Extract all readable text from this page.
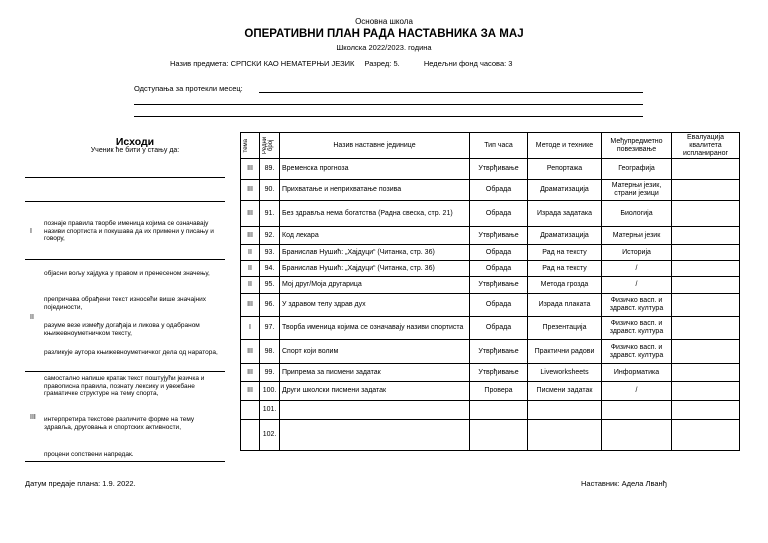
Основна школа
ОПЕРАТИВНИ ПЛАН РАДА НАСТАВНИКА ЗА МАЈ
Школска 2022/2023. година
Назив предмета: СРПСКИ КАО НЕМАТЕРЊИ ЈЕЗИК Разред: 5.	Недељни фонд часова: 3
Одступања за протекли месец:
Исходи
Ученик ће бити у стању да:
I
познаје правила творбе именица којима се означавају називи спортиста и покушава да их примени у писању и говору,
II
објасни вољу хајдука у правом и пренесеном значењу,
препричава обрађени текст износећи више значајних појединости,
разуме везе између догађаја и ликова у одабраном књижевноуметничком тексту,
разликује аутора књижевноуметничког дела од наратора,
III
самостално напише кратак текст поштујући језичка и правописна правила, познату лексику и увежбане граматичке структуре на тему спорта,
интерпретира текстове различите форме на тему здравља, друговања и спортских активности,
процени сопствени напредак.
тема	Редни број	Назив наставне јединице	Тип часа	Методе и технике	Међупредметно повезивање	Евалуација квалитета испланираног
III	89.	Временска прогноза	Утврђивање	Репортажа	Географија	
III	90.	Прихватање и неприхватање позива	Обрада	Драматизација	Матерњи језик, страни језици	
III	91.	Без здравља нема богатства (Радна свеска, стр. 21)	Обрада	Израда задатака	Биологија	
III	92.	Код лекара	Утврђивање	Драматизација	Матерњи језик	
II	93.	Бранислав Нушић: „Хајдуци“ (Читанка, стр. 36)	Обрада	Рад на тексту	Историја	
II	94.	Бранислав Нушић: „Хајдуци“ (Читанка, стр. 36)	Обрада	Рад на тексту	/	
II	95.	Мој друг/Моја другарица	Утврђивање	Метода грозда	/	
III	96.	У здравом телу здрав дух	Обрада	Израда плаката	Физичко васп. и здравст. култура	
I	97.	Творба именица којима се означавају називи спортиста	Обрада	Презентација	Физичко васп. и здравст. култура	
III	98.	Спорт који волим	Утврђивање	Практични радови	Физичко васп. и здравст. култура	
III	99.	Припрема за писмени задатак	Утврђивање	Liveworksheets	Информатика	
III	100.	Други школски писмени задатак	Провера	Писмени задатак	/	
	101.					
	102.					
Датум предаје плана: 1.9. 2022.	Наставник: Адела Лванђ
